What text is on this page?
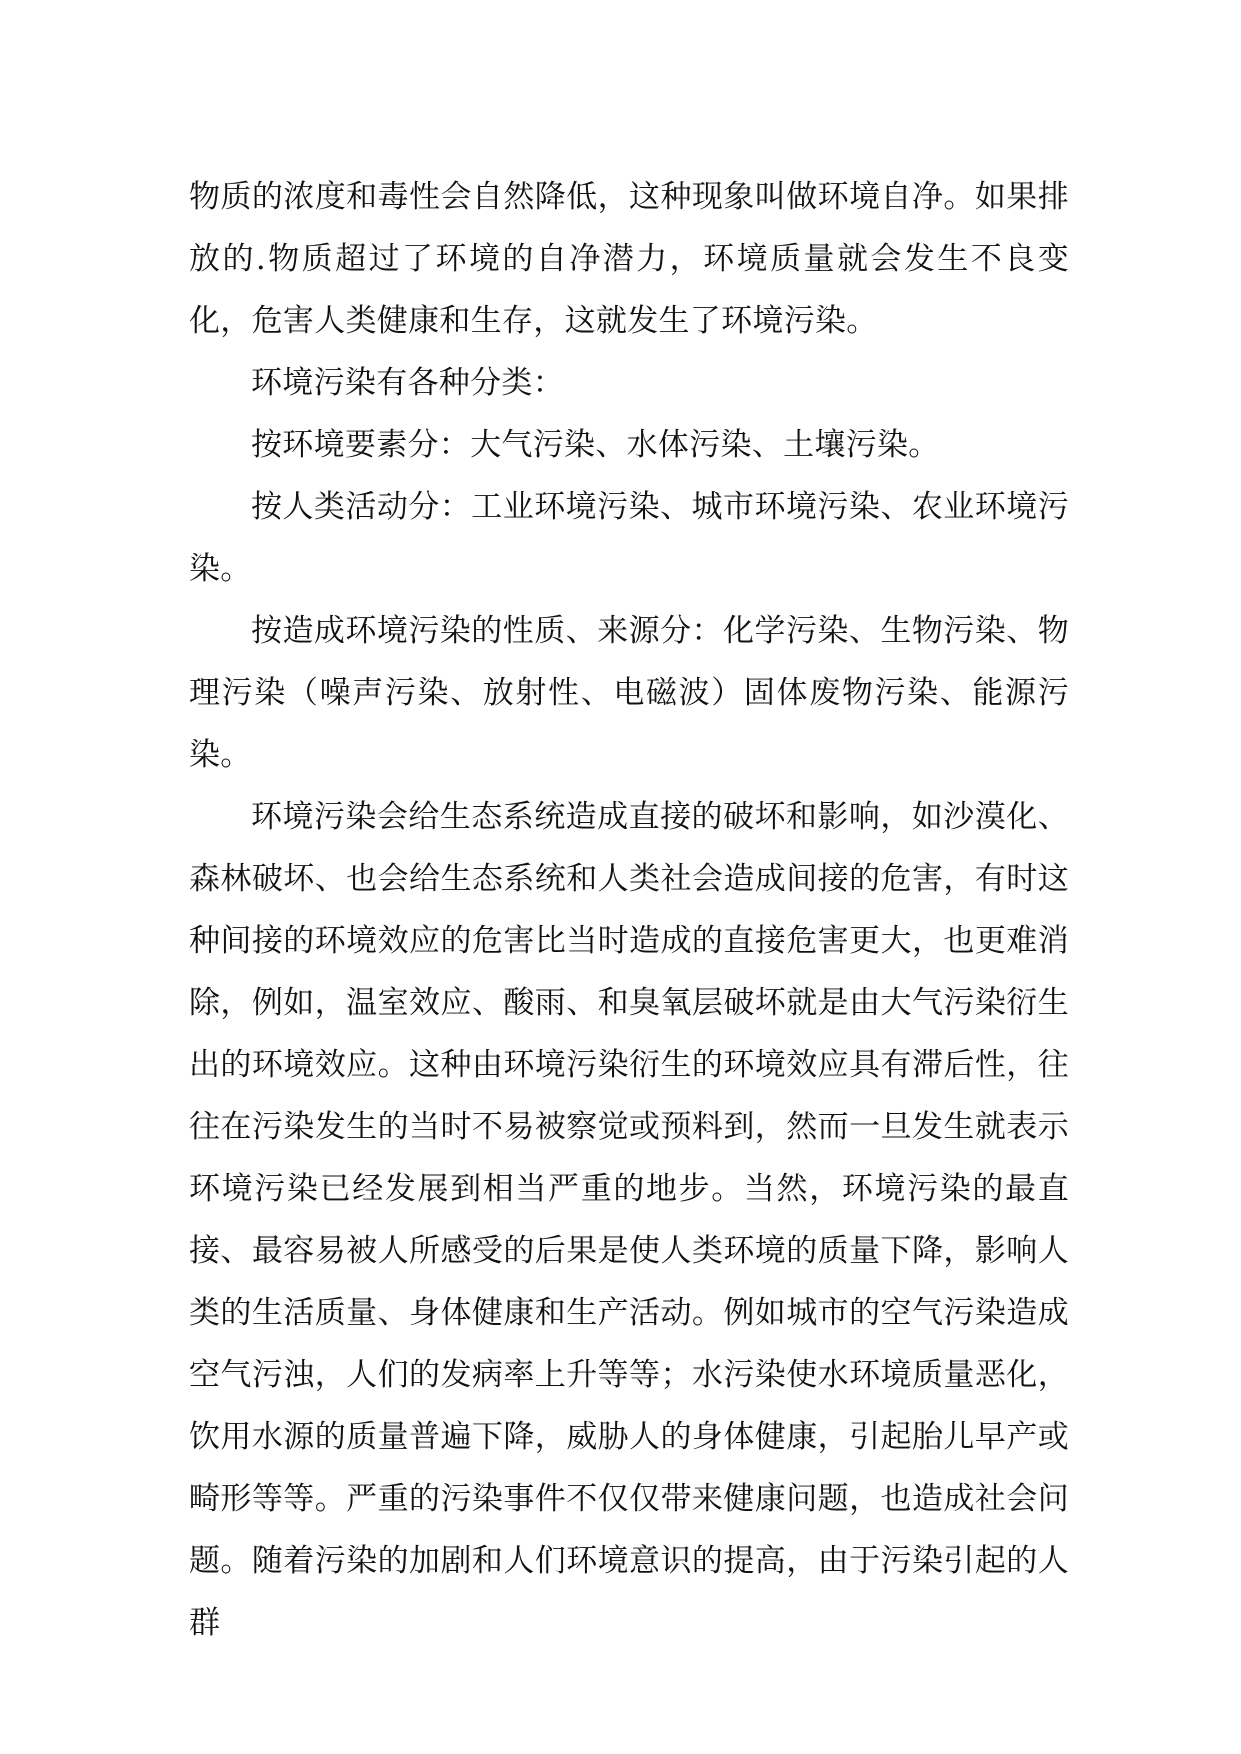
物质的浓度和毒性会自然降低，这种现象叫做环境自净。如果排放的.物质超过了环境的自净潜力，环境质量就会发生不良变化，危害人类健康和生存，这就发生了环境污染。

环境污染有各种分类：

按环境要素分：大气污染、水体污染、土壤污染。

按人类活动分：工业环境污染、城市环境污染、农业环境污染。

按造成环境污染的性质、来源分：化学污染、生物污染、物理污染（噪声污染、放射性、电磁波）固体废物污染、能源污染。

环境污染会给生态系统造成直接的破坏和影响，如沙漠化、森林破坏、也会给生态系统和人类社会造成间接的危害，有时这种间接的环境效应的危害比当时造成的直接危害更大，也更难消除，例如，温室效应、酸雨、和臭氧层破坏就是由大气污染衍生出的环境效应。这种由环境污染衍生的环境效应具有滞后性，往往在污染发生的当时不易被察觉或预料到，然而一旦发生就表示环境污染已经发展到相当严重的地步。当然，环境污染的最直接、最容易被人所感受的后果是使人类环境的质量下降，影响人类的生活质量、身体健康和生产活动。例如城市的空气污染造成空气污浊，人们的发病率上升等等；水污染使水环境质量恶化，饮用水源的质量普遍下降，威胁人的身体健康，引起胎儿早产或畸形等等。严重的污染事件不仅仅带来健康问题，也造成社会问题。随着污染的加剧和人们环境意识的提高，由于污染引起的人群
